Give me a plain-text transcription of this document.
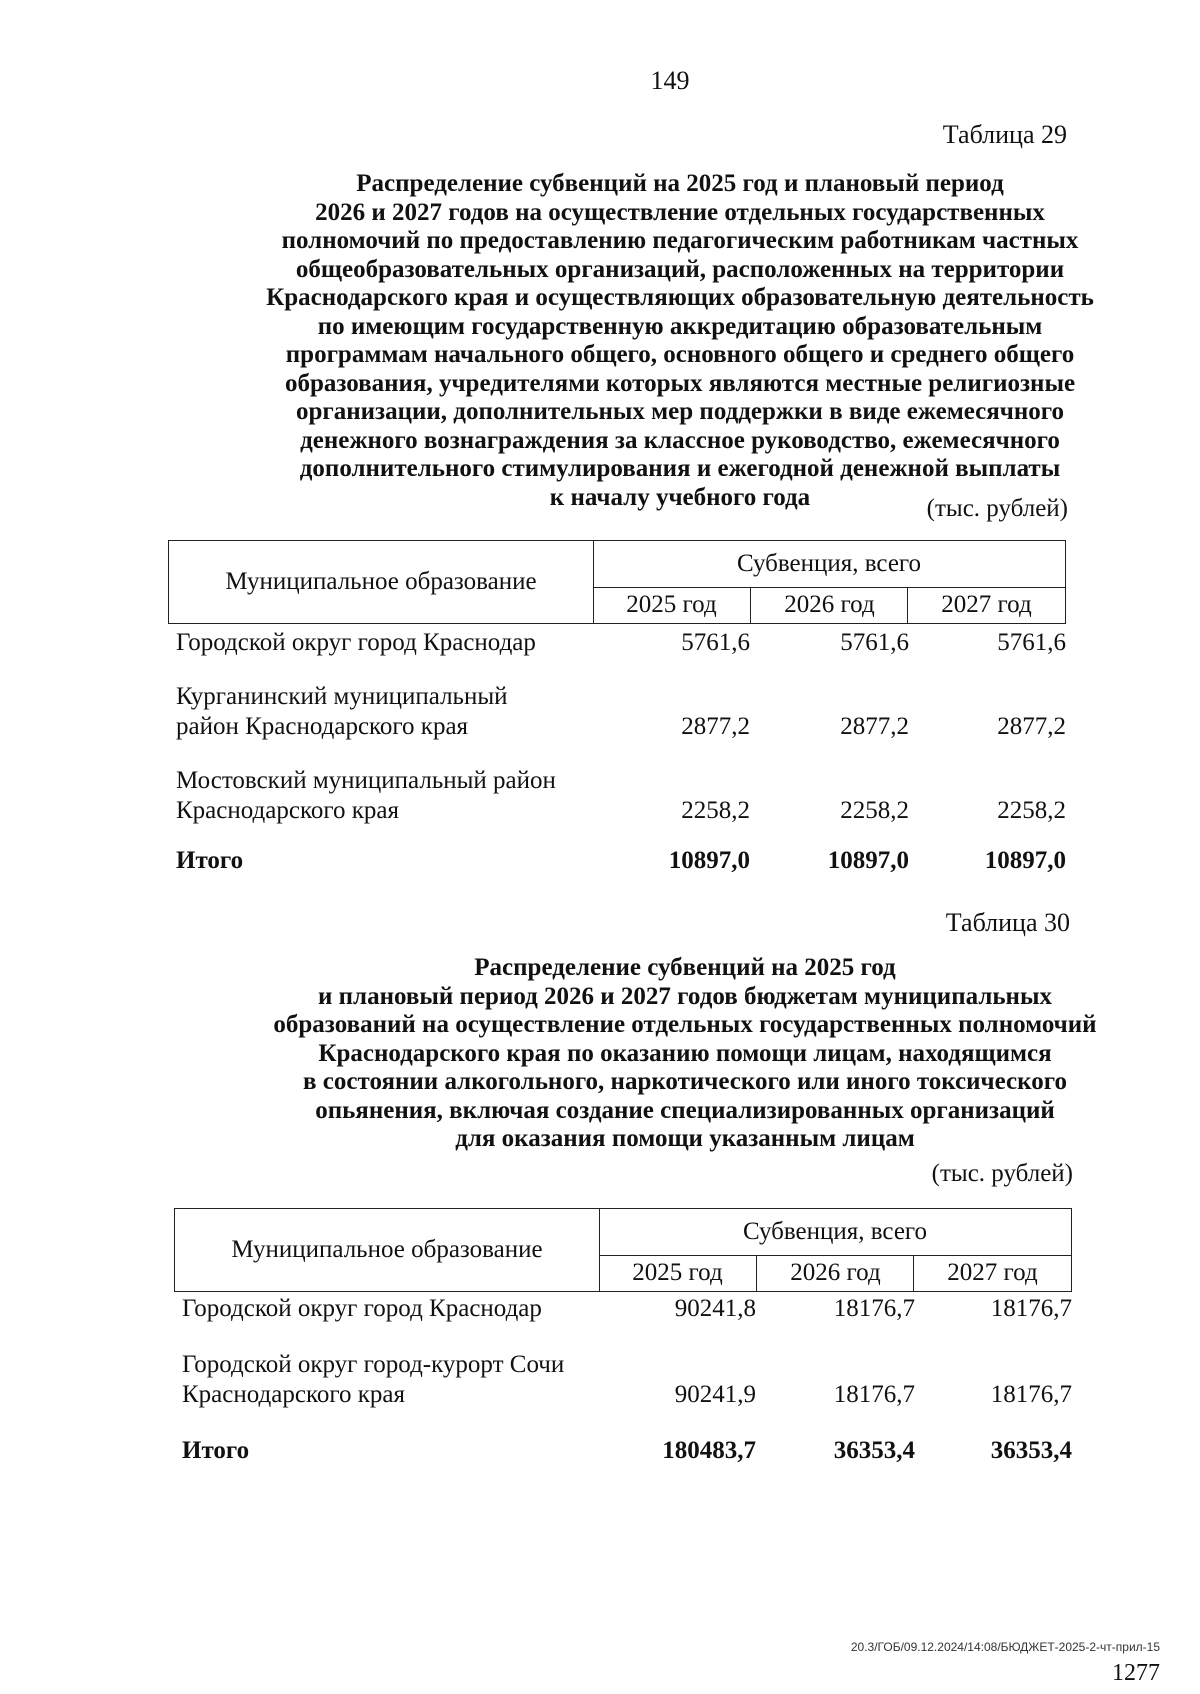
149
Таблица 29
Распределение субвенций на 2025 год и плановый период
2026 и 2027 годов на осуществление отдельных государственных
полномочий по предоставлению педагогическим работникам частных
общеобразовательных организаций, расположенных на территории
Краснодарского края и осуществляющих образовательную деятельность
по имеющим государственную аккредитацию образовательным
программам начального общего, основного общего и среднего общего
образования, учредителями которых являются местные религиозные
организации, дополнительных мер поддержки в виде ежемесячного
денежного вознаграждения за классное руководство, ежемесячного
дополнительного стимулирования и ежегодной денежной выплаты
к началу учебного года	(тыс. рублей)
Муниципальное образование
Субвенция, всего
2025 год	2026 год	2027 год
Городской округ город Краснодар	5761,6	5761,6	5761,6
Курганинский муниципальный
район Краснодарского края	2877,2	2877,2	2877,2
Мостовский муниципальный район
Краснодарского края	2258,2	2258,2	2258,2
Итого	10897,0	10897,0	10897,0
Таблица 30
Распределение субвенций на 2025 год
и плановый период 2026 и 2027 годов бюджетам муниципальных
образований на осуществление отдельных государственных полномочий
Краснодарского края по оказанию помощи лицам, находящимся
в состоянии алкогольного, наркотического или иного токсического
опьянения, включая создание специализированных организаций
для оказания помощи указанным лицам
(тыс. рублей)
Муниципальное образование
Субвенция, всего
2025 год	2026 год	2027 год
Городской округ город Краснодар	90241,8	18176,7	18176,7
Городской округ город-курорт Сочи
Краснодарского края	90241,9	18176,7	18176,7
Итого	180483,7	36353,4	36353,4
20.3/ГОБ/09.12.2024/14:08/БЮДЖЕТ-2025-2-чт-прил-15
1277
